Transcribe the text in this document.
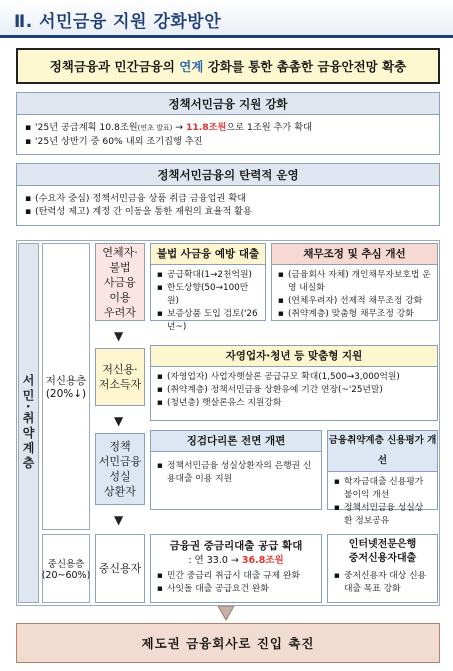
Ⅱ. 서민금융 지원 강화방안
정책금융과 민간금융의 연계 강화를 통한 촘촘한 금융안전망 확충
정책서민금융 지원 강화
▪ '25년 공급계획 10.8조원(연초 발표) → 11.8조원으로 1조원 추가 확대
▪ '25년 상반기 중 60% 내외 조기집행 추진
정책서민금융의 탄력적 운영
▪ (수요자 중심) 정책서민금융 상품 취급 금융업권 확대
▪ (탄력성 제고) 계정 간 이동을 통한 재원의 효율적 활용
서민·취약계층	저신용층
(20%↓)
중신용층
(20~60%)
연체자·
불법
사금융
이용
우려자
▼
저신용·
저소득자
▼
정책
서민금융
성실
상환자
▼
중신용자
불법 사금융 예방 대출
▪ 공급확대(1→2천억원)
▪ 한도상향(50→100만원)
▪ 보증상품 도입 검토('26년~)
채무조정 및 추심 개선
▪ (금융회사 자체) 개인채무자보호법 운영 내실화
▪ (연체우려자) 선제적 채무조정 강화
▪ (취약계층) 맞춤형 채무조정 강화
자영업자·청년 등 맞춤형 지원
▪ (자영업자) 사업자햇살론 공급규모 확대(1,500→3,000억원)
▪ (취약계층) 정책서민금융 상환유예 기간 연장(~'25년말)
▪ (청년층) 햇살론유스 지원강화
징검다리론 전면 개편
▪ 정책서민금융 성실상환자의 은행권 신용대출 이용 지원
금융취약계층 신용평가 개선
▪ 학자금대출 신용평가 불이익 개선
▪ 정책서민금융 성실상환 정보공유
금융권 중금리대출 공급 확대
: 연 33.0 → 36.8조원
▪ 민간 중금리 취급시 대출 규제 완화
▪ 사잇돌 대출 공급요건 완화
인터넷전문은행
중저신용자대출
▪ 중저신용자 대상 신용대출 목표 강화
제도권 금융회사로 진입 촉진
